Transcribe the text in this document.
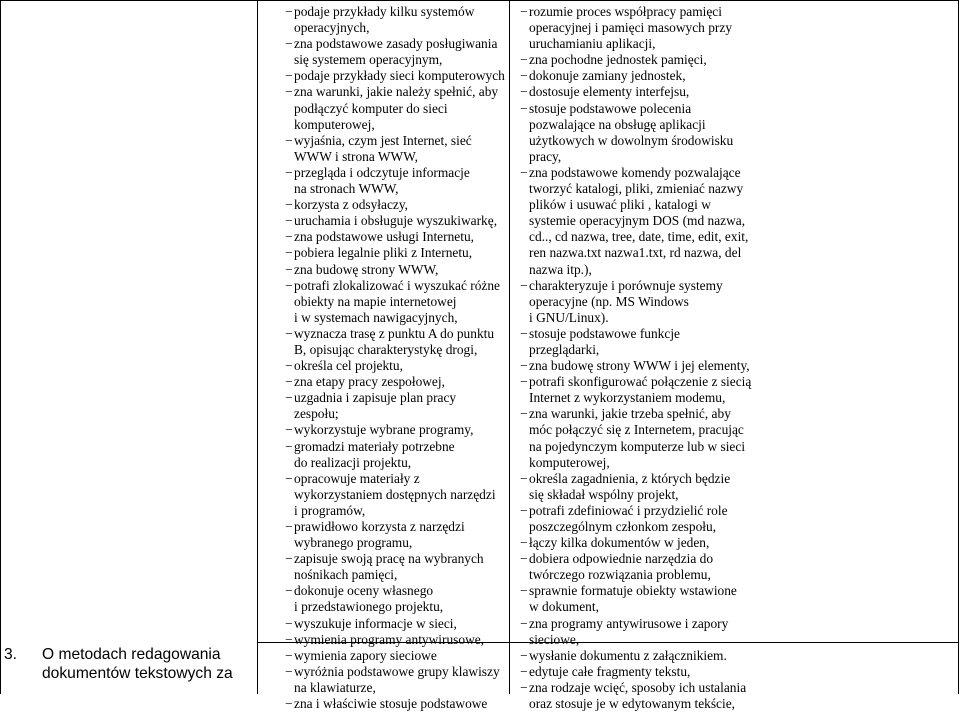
3. O metodach redagowania
dokumentów tekstowych za
−podaje przykłady kilku systemów
operacyjnych,
−zna podstawowe zasady posługiwania
się systemem operacyjnym,
−podaje przykłady sieci komputerowych
−zna warunki, jakie należy spełnić, aby
podłączyć komputer do sieci
komputerowej,
−wyjaśnia, czym jest Internet, sieć
WWW i strona WWW,
−przegląda i odczytuje informacje
na stronach WWW,
−korzysta z odsyłaczy,
−uruchamia i obsługuje wyszukiwarkę,
−zna podstawowe usługi Internetu,
−pobiera legalnie pliki z Internetu,
−zna budowę strony WWW,
−potrafi zlokalizować i wyszukać różne
obiekty na mapie internetowej
i w systemach nawigacyjnych,
−wyznacza trasę z punktu A do punktu
B, opisując charakterystykę drogi,
−określa cel projektu,
−zna etapy pracy zespołowej,
−uzgadnia i zapisuje plan pracy
zespołu;
−wykorzystuje wybrane programy,
−gromadzi materiały potrzebne
do realizacji projektu,
−opracowuje materiały z
wykorzystaniem dostępnych narzędzi
i programów,
−prawidłowo korzysta z narzędzi
wybranego programu,
−zapisuje swoją pracę na wybranych
nośnikach pamięci,
−dokonuje oceny własnego
i przedstawionego projektu,
−wyszukuje informacje w sieci,
−wymienia programy antywirusowe,
−wymienia zapory sieciowe
−wyróżnia podstawowe grupy klawiszy
na klawiaturze,
−zna i właściwie stosuje podstawowe
−rozumie proces współpracy pamięci
operacyjnej i pamięci masowych przy
uruchamianiu aplikacji,
−zna pochodne jednostek pamięci,
−dokonuje zamiany jednostek,
−dostosuje elementy interfejsu,
−stosuje podstawowe polecenia
pozwalające na obsługę aplikacji
użytkowych w dowolnym środowisku
pracy,
−zna podstawowe komendy pozwalające
tworzyć katalogi, pliki, zmieniać nazwy
plików i usuwać pliki , katalogi w
systemie operacyjnym DOS (md nazwa,
cd.., cd nazwa, tree, date, time, edit, exit,
ren nazwa.txt nazwa1.txt, rd nazwa, del
nazwa itp.),
−charakteryzuje i porównuje systemy
operacyjne (np. MS Windows
i GNU/Linux).
−stosuje podstawowe funkcje
przeglądarki,
−zna budowę strony WWW i jej elementy,
−potrafi skonfigurować połączenie z siecią
Internet z wykorzystaniem modemu,
−zna warunki, jakie trzeba spełnić, aby
móc połączyć się z Internetem, pracując
na pojedynczym komputerze lub w sieci
komputerowej,
−określa zagadnienia, z których będzie
się składał wspólny projekt,
−potrafi zdefiniować i przydzielić role
poszczególnym członkom zespołu,
−łączy kilka dokumentów w jeden,
−dobiera odpowiednie narzędzia do
twórczego rozwiązania problemu,
−sprawnie formatuje obiekty wstawione
w dokument,
−zna programy antywirusowe i zapory
sieciowe,
−wysłanie dokumentu z załącznikiem.
−edytuje całe fragmenty tekstu,
−zna rodzaje wcięć, sposoby ich ustalania
oraz stosuje je w edytowanym tekście,
